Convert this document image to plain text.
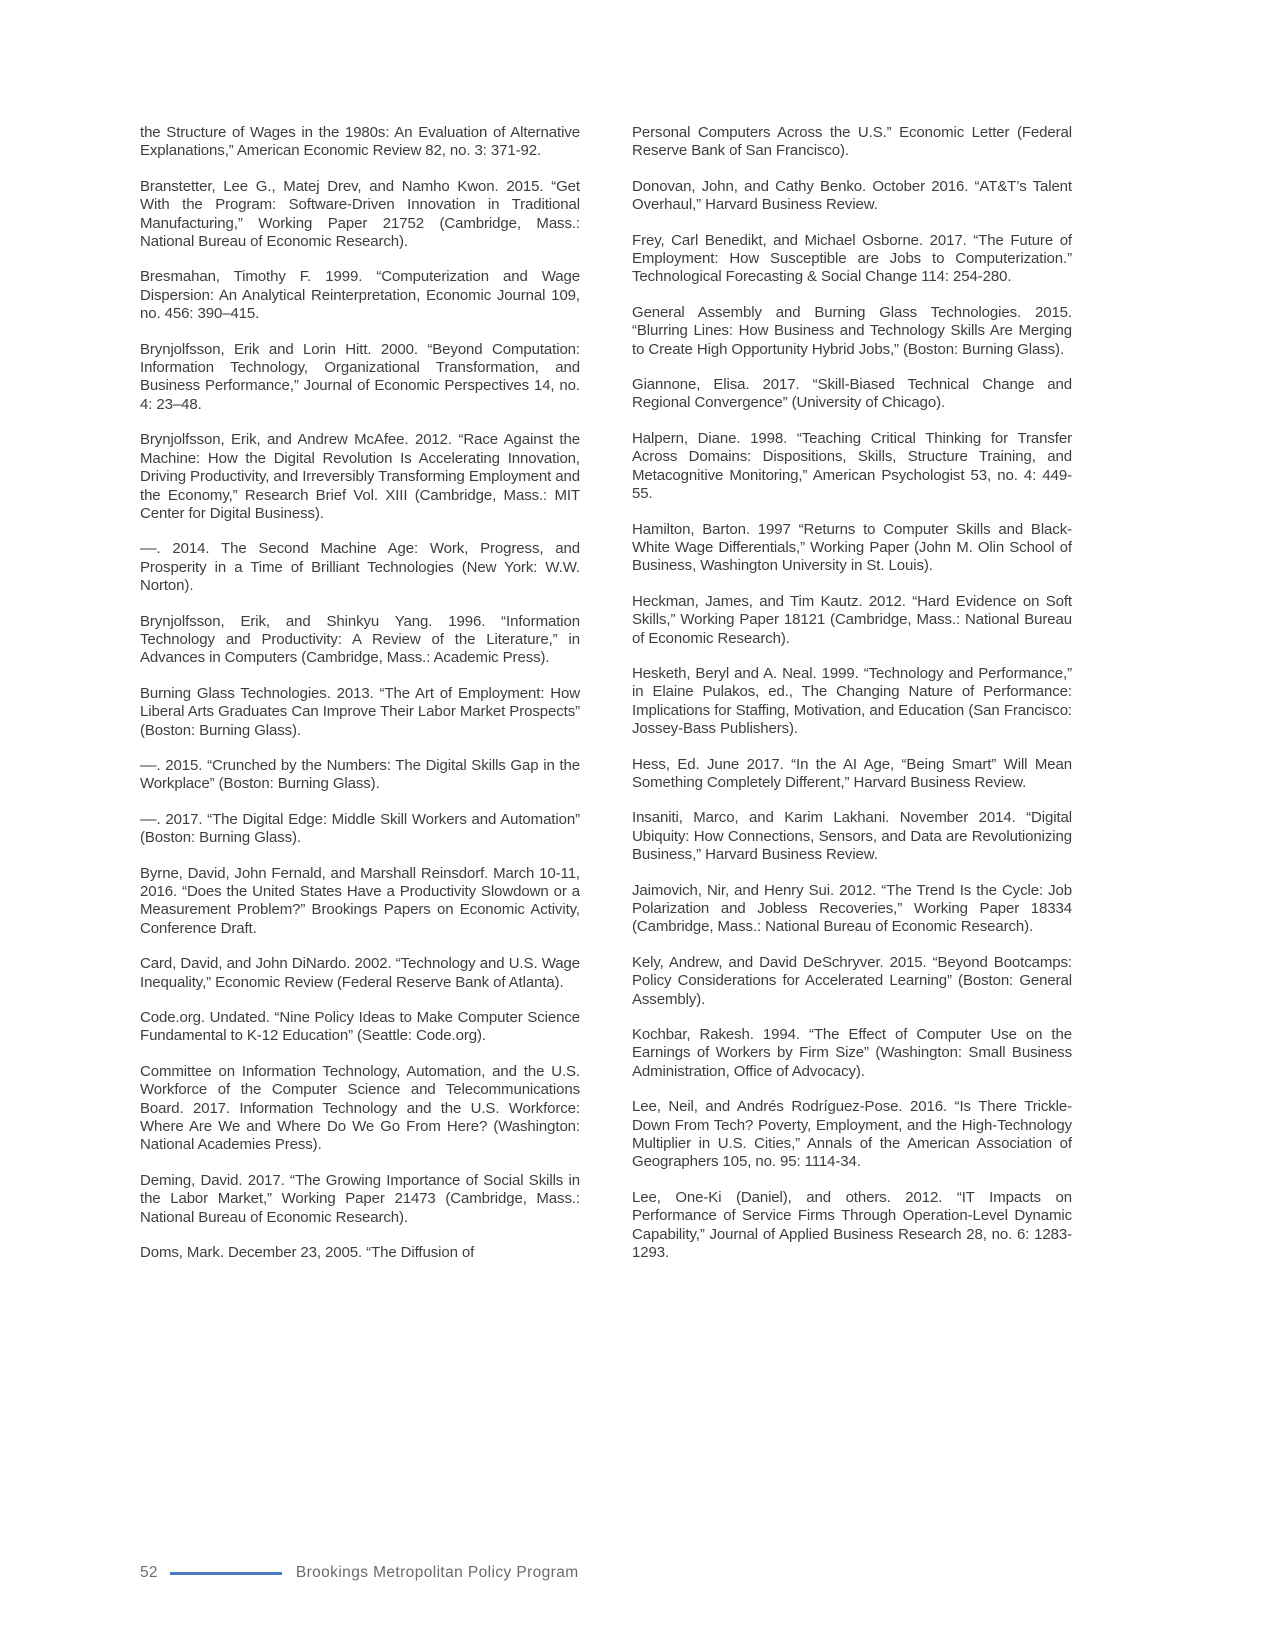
the Structure of Wages in the 1980s: An Evaluation of Alternative Explanations,” American Economic Review 82, no. 3: 371-92.

Branstetter, Lee G., Matej Drev, and Namho Kwon. 2015. “Get With the Program: Software-Driven Innovation in Traditional Manufacturing,” Working Paper 21752 (Cambridge, Mass.: National Bureau of Economic Research).

Bresmahan, Timothy F. 1999. “Computerization and Wage Dispersion: An Analytical Reinterpretation, Economic Journal 109, no. 456: 390–415.

Brynjolfsson, Erik and Lorin Hitt. 2000. “Beyond Computation: Information Technology, Organizational Transformation, and Business Performance,” Journal of Economic Perspectives 14, no. 4: 23–48.

Brynjolfsson, Erik, and Andrew McAfee. 2012. “Race Against the Machine: How the Digital Revolution Is Accelerating Innovation, Driving Productivity, and Irreversibly Transforming Employment and the Economy,” Research Brief Vol. XIII (Cambridge, Mass.: MIT Center for Digital Business).

––. 2014. The Second Machine Age: Work, Progress, and Prosperity in a Time of Brilliant Technologies (New York: W.W. Norton).

Brynjolfsson, Erik, and Shinkyu Yang. 1996. “Information Technology and Productivity: A Review of the Literature,” in Advances in Computers (Cambridge, Mass.: Academic Press).

Burning Glass Technologies. 2013. “The Art of Employment: How Liberal Arts Graduates Can Improve Their Labor Market Prospects” (Boston: Burning Glass).

––. 2015. “Crunched by the Numbers: The Digital Skills Gap in the Workplace” (Boston: Burning Glass).

––. 2017. “The Digital Edge: Middle Skill Workers and Automation” (Boston: Burning Glass).

Byrne, David, John Fernald, and Marshall Reinsdorf. March 10-11, 2016. “Does the United States Have a Productivity Slowdown or a Measurement Problem?” Brookings Papers on Economic Activity, Conference Draft.

Card, David, and John DiNardo. 2002. “Technology and U.S. Wage Inequality,” Economic Review (Federal Reserve Bank of Atlanta).

Code.org. Undated. “Nine Policy Ideas to Make Computer Science Fundamental to K-12 Education” (Seattle: Code.org).

Committee on Information Technology, Automation, and the U.S. Workforce of the Computer Science and Telecommunications Board. 2017. Information Technology and the U.S. Workforce: Where Are We and Where Do We Go From Here? (Washington: National Academies Press).

Deming, David. 2017. “The Growing Importance of Social Skills in the Labor Market,” Working Paper 21473 (Cambridge, Mass.: National Bureau of Economic Research).

Doms, Mark. December 23, 2005. “The Diffusion of

Personal Computers Across the U.S.” Economic Letter (Federal Reserve Bank of San Francisco).

Donovan, John, and Cathy Benko. October 2016. “AT&T’s Talent Overhaul,” Harvard Business Review.

Frey, Carl Benedikt, and Michael Osborne. 2017. “The Future of Employment: How Susceptible are Jobs to Computerization.” Technological Forecasting & Social Change 114: 254-280.

General Assembly and Burning Glass Technologies. 2015. “Blurring Lines: How Business and Technology Skills Are Merging to Create High Opportunity Hybrid Jobs,” (Boston: Burning Glass).

Giannone, Elisa. 2017. “Skill-Biased Technical Change and Regional Convergence” (University of Chicago).

Halpern, Diane. 1998. “Teaching Critical Thinking for Transfer Across Domains: Dispositions, Skills, Structure Training, and Metacognitive Monitoring,” American Psychologist 53, no. 4: 449-55.

Hamilton, Barton. 1997 “Returns to Computer Skills and Black-White Wage Differentials,” Working Paper (John M. Olin School of Business, Washington University in St. Louis).

Heckman, James, and Tim Kautz. 2012. “Hard Evidence on Soft Skills,” Working Paper 18121 (Cambridge, Mass.: National Bureau of Economic Research).

Hesketh, Beryl and A. Neal. 1999. “Technology and Performance,” in Elaine Pulakos, ed., The Changing Nature of Performance: Implications for Staffing, Motivation, and Education (San Francisco: Jossey-Bass Publishers).

Hess, Ed. June 2017. “In the AI Age, “Being Smart” Will Mean Something Completely Different,” Harvard Business Review.

Insaniti, Marco, and Karim Lakhani. November 2014. “Digital Ubiquity: How Connections, Sensors, and Data are Revolutionizing Business,” Harvard Business Review.

Jaimovich, Nir, and Henry Sui. 2012. “The Trend Is the Cycle: Job Polarization and Jobless Recoveries,” Working Paper 18334 (Cambridge, Mass.: National Bureau of Economic Research).

Kely, Andrew, and David DeSchryver. 2015. “Beyond Bootcamps: Policy Considerations for Accelerated Learning” (Boston: General Assembly).

Kochbar, Rakesh. 1994. “The Effect of Computer Use on the Earnings of Workers by Firm Size” (Washington: Small Business Administration, Office of Advocacy).

Lee, Neil, and Andrés Rodríguez-Pose. 2016. “Is There Trickle-Down From Tech? Poverty, Employment, and the High-Technology Multiplier in U.S. Cities,” Annals of the American Association of Geographers 105, no. 95: 1114-34.

Lee, One-Ki (Daniel), and others. 2012. “IT Impacts on Performance of Service Firms Through Operation-Level Dynamic Capability,” Journal of Applied Business Research 28, no. 6: 1283-1293.

52	Brookings Metropolitan Policy Program
